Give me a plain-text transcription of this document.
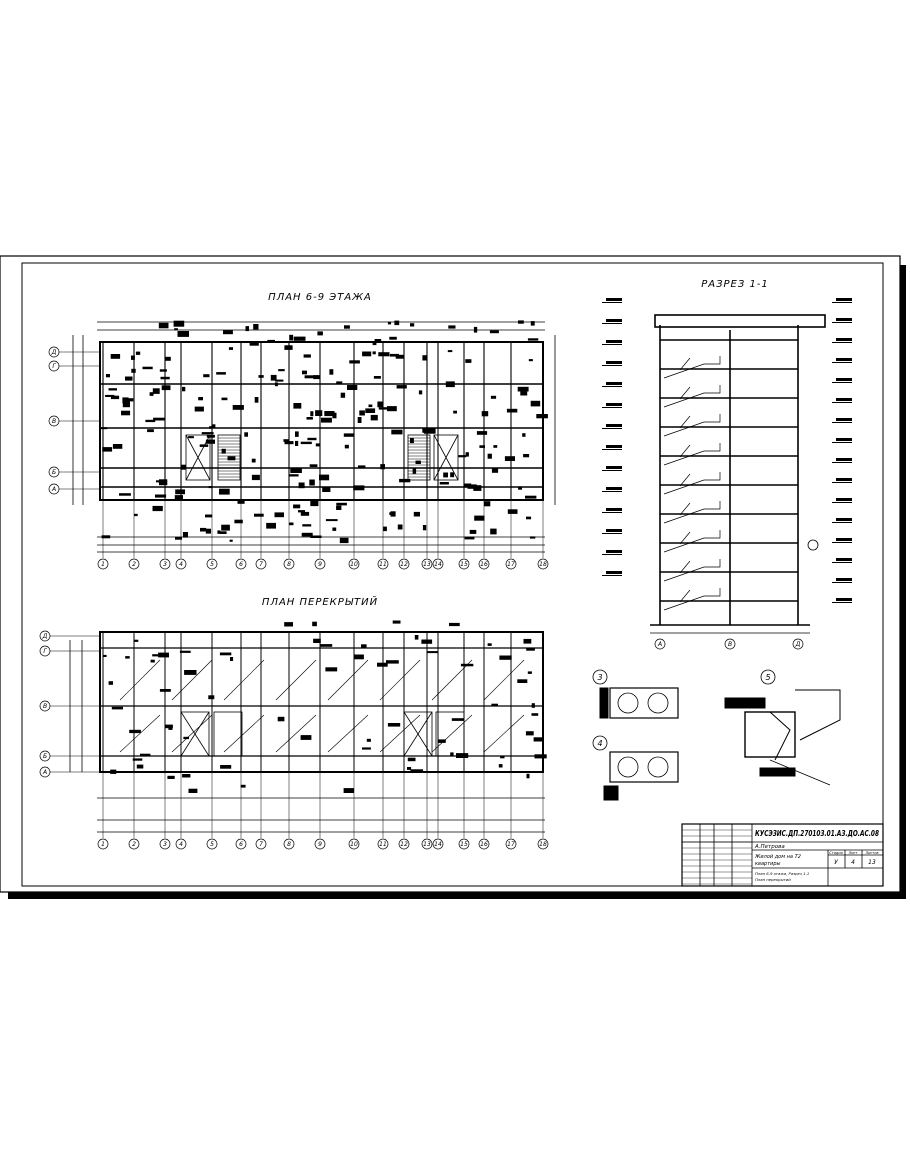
ПЛАН 6-9 ЭТАЖА
1	2	3 4	5	6	7	8	9	10	11 12	13 14	15 16	17	18
Д
Г
В
Б
А
ПЛАН ПЕРЕКРЫТИЙ
1	2	3 4	5	6	7	8	9	10	11 12	13 14	15 16	17	18
Д
Г
В
Б
А
РАЗРЕЗ 1-1
А	В	Д
3
4
5
КУСЭЗИС.ДП.270103.01.АЗ.ДО.АС.08
А.Петрова
Жилой дом на 72
квартиры
План 6-9 этажа, Разрез 1-1
План перекрытий
Стадия Лист Листов
У 4 13
